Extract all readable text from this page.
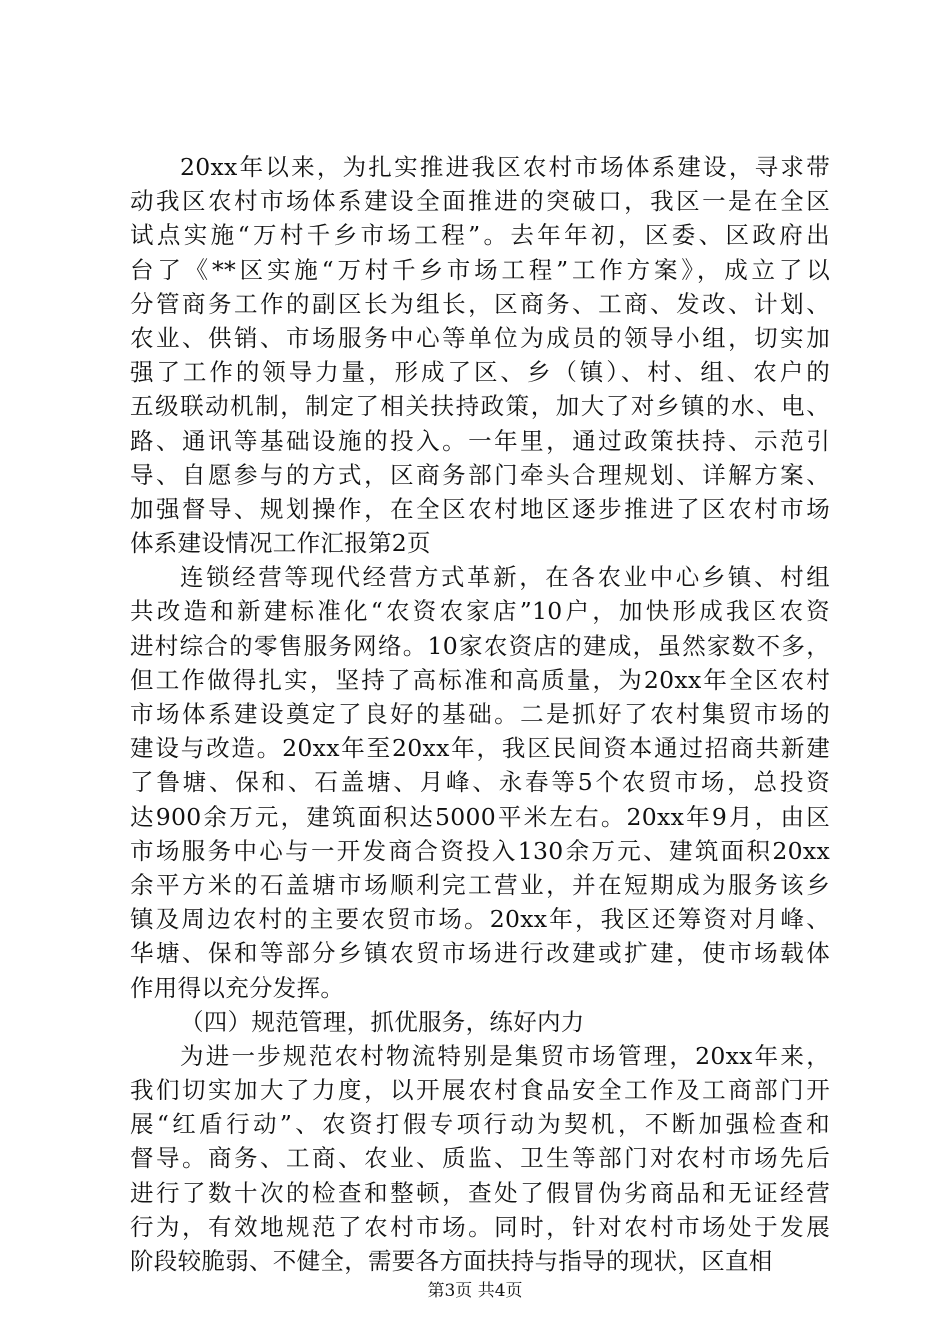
20xx年以来，为扎实推进我区农村市场体系建设，寻求带
动我区农村市场体系建设全面推进的突破口，我区一是在全区
试点实施“万村千乡市场工程”。去年年初，区委、区政府出
台了《**区实施“万村千乡市场工程”工作方案》，成立了以
分管商务工作的副区长为组长，区商务、工商、发改、计划、
农业、供销、市场服务中心等单位为成员的领导小组，切实加
强了工作的领导力量，形成了区、乡（镇）、村、组、农户的
五级联动机制，制定了相关扶持政策，加大了对乡镇的水、电、
路、通讯等基础设施的投入。一年里，通过政策扶持、示范引
导、自愿参与的方式，区商务部门牵头合理规划、详解方案、
加强督导、规划操作，在全区农村地区逐步推进了区农村市场
体系建设情况工作汇报第2页
连锁经营等现代经营方式革新，在各农业中心乡镇、村组
共改造和新建标准化“农资农家店”10户，加快形成我区农资
进村综合的零售服务网络。10家农资店的建成，虽然家数不多，
但工作做得扎实，坚持了高标准和高质量，为20xx年全区农村
市场体系建设奠定了良好的基础。二是抓好了农村集贸市场的
建设与改造。20xx年至20xx年，我区民间资本通过招商共新建
了鲁塘、保和、石盖塘、月峰、永春等5个农贸市场，总投资
达900余万元，建筑面积达5000平米左右。20xx年9月，由区
市场服务中心与一开发商合资投入130余万元、建筑面积20xx
余平方米的石盖塘市场顺利完工营业，并在短期成为服务该乡
镇及周边农村的主要农贸市场。20xx年，我区还筹资对月峰、
华塘、保和等部分乡镇农贸市场进行改建或扩建，使市场载体
作用得以充分发挥。
（四）规范管理，抓优服务，练好内力
为进一步规范农村物流特别是集贸市场管理，20xx年来，
我们切实加大了力度，以开展农村食品安全工作及工商部门开
展“红盾行动”、农资打假专项行动为契机，不断加强检查和
督导。商务、工商、农业、质监、卫生等部门对农村市场先后
进行了数十次的检查和整顿，查处了假冒伪劣商品和无证经营
行为，有效地规范了农村市场。同时，针对农村市场处于发展
阶段较脆弱、不健全，需要各方面扶持与指导的现状，区直相
第3页 共4页
